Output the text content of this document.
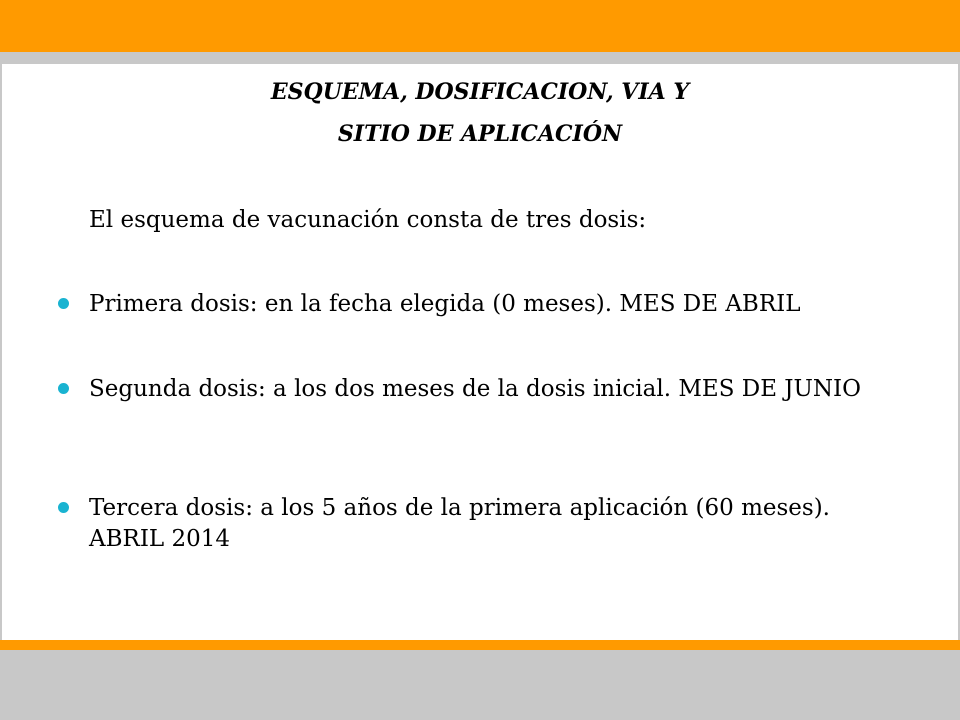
ESQUEMA, DOSIFICACION, VIA Y
SITIO DE APLICACIÓN

El esquema de vacunación consta de tres dosis:

Primera dosis: en la fecha elegida (0 meses). MES DE ABRIL
Segunda dosis: a los dos meses de la dosis inicial. MES DE JUNIO
Tercera dosis: a los 5 años de la primera aplicación (60 meses). ABRIL 2014
